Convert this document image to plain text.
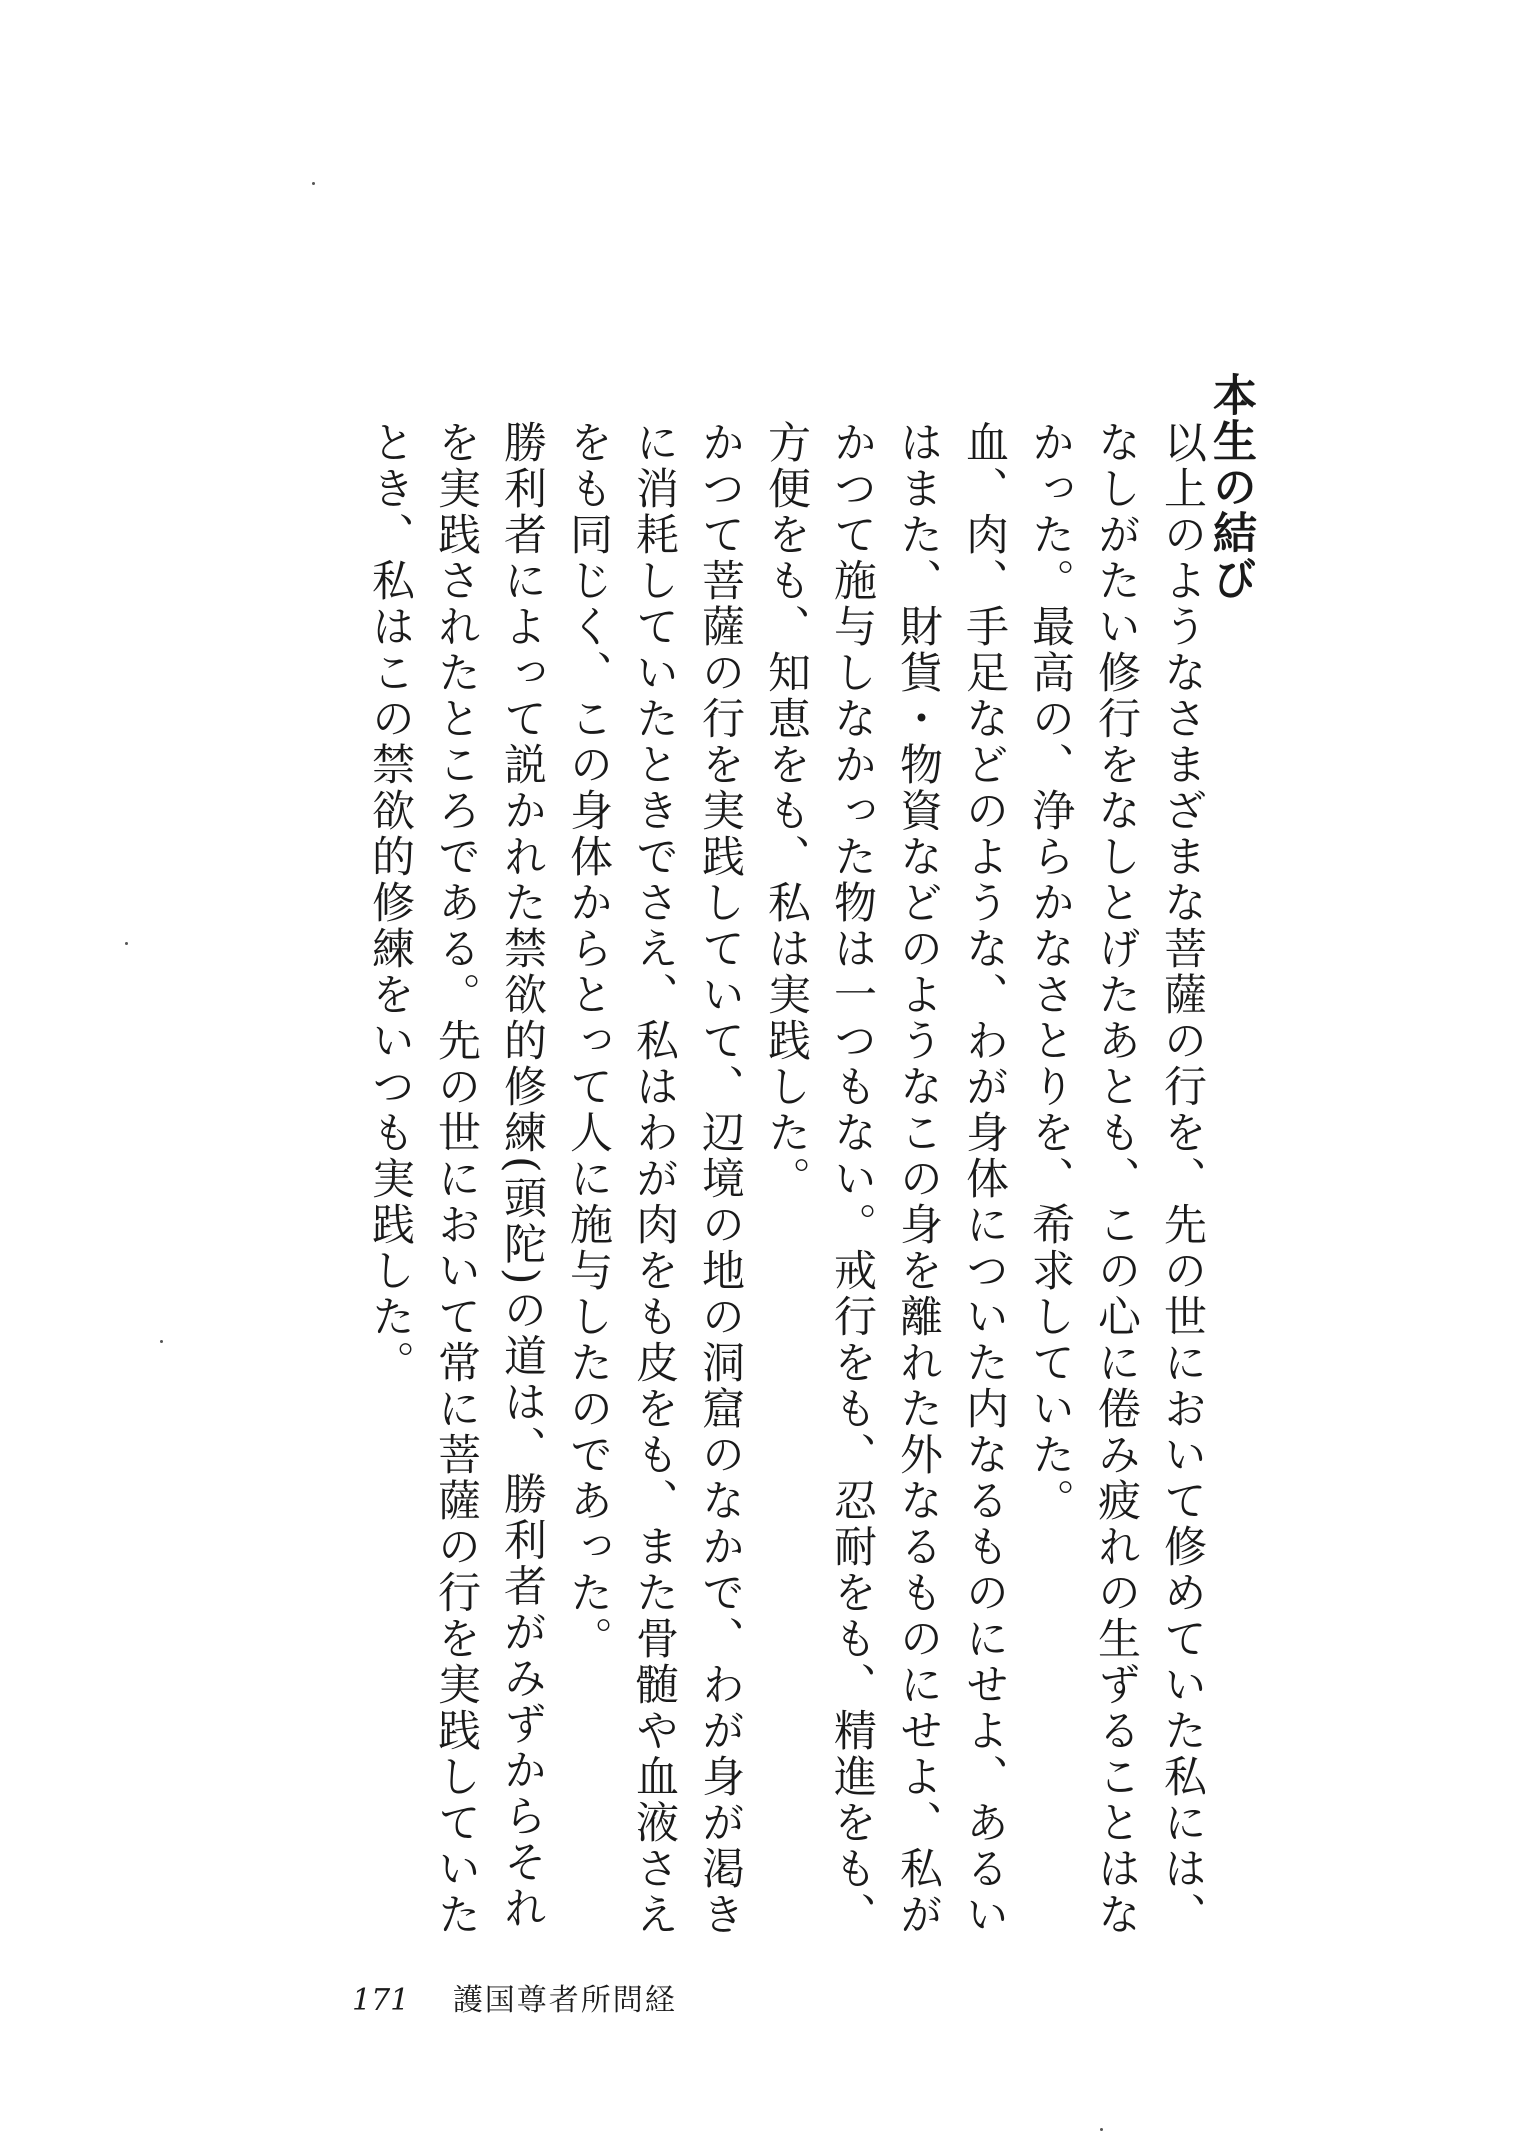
本生の結び

以上のようなさまざまな菩薩の行を、先の世において修めていた私には、なしがたい修行をなしとげたあとも、この心に倦み疲れの生ずることはなかった。最高の、浄らかなさとりを、希求していた。

血、肉、手足などのような、わが身体についた内なるものにせよ、あるいはまた、財貨・物資などのようなこの身を離れた外なるものにせよ、私がかつて施与しなかった物は一つもない。戒行をも、忍耐をも、精進をも、方便をも、知恵をも、私は実践した。

かつて菩薩の行を実践していて、辺境の地の洞窟のなかで、わが身が渇きに消耗していたときでさえ、私はわが肉をも皮をも、また骨髄や血液さえをも同じく、この身体からとって人に施与したのであった。

勝利者によって説かれた禁欲的修練(頭陀)の道は、勝利者がみずからそれを実践されたところである。先の世において常に菩薩の行を実践していたとき、私はこの禁欲的修練をいつも実践した。

171 護国尊者所問経
